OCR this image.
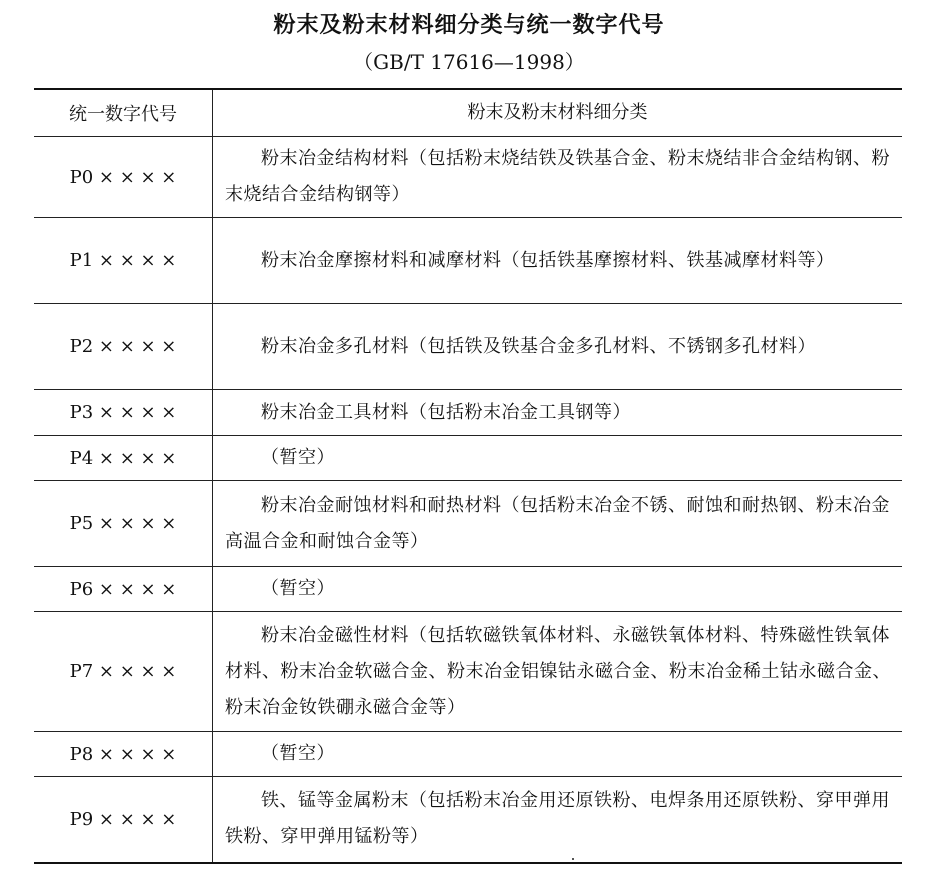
粉末及粉末材料细分类与统一数字代号
（GB/T 17616—1998）
统一数字代号	粉末及粉末材料细分类
P0 × × × ×	粉末冶金结构材料（包括粉末烧结铁及铁基合金、粉末烧结非合金结构钢、粉末烧结合金结构钢等）

P1 × × × ×	粉末冶金摩擦材料和减摩材料（包括铁基摩擦材料、铁基减摩材料等）

P2 × × × ×	粉末冶金多孔材料（包括铁及铁基合金多孔材料、不锈钢多孔材料）

P3 × × × ×	粉末冶金工具材料（包括粉末冶金工具钢等）

P4 × × × ×	（暂空）

P5 × × × ×	粉末冶金耐蚀材料和耐热材料（包括粉末冶金不锈、耐蚀和耐热钢、粉末冶金高温合金和耐蚀合金等）

P6 × × × ×	（暂空）

P7 × × × ×	粉末冶金磁性材料（包括软磁铁氧体材料、永磁铁氧体材料、特殊磁性铁氧体材料、粉末冶金软磁合金、粉末冶金铝镍钴永磁合金、粉末冶金稀土钴永磁合金、粉末冶金钕铁硼永磁合金等）

P8 × × × ×	（暂空）

P9 × × × ×	铁、锰等金属粉末（包括粉末冶金用还原铁粉、电焊条用还原铁粉、穿甲弹用铁粉、穿甲弹用锰粉等）
